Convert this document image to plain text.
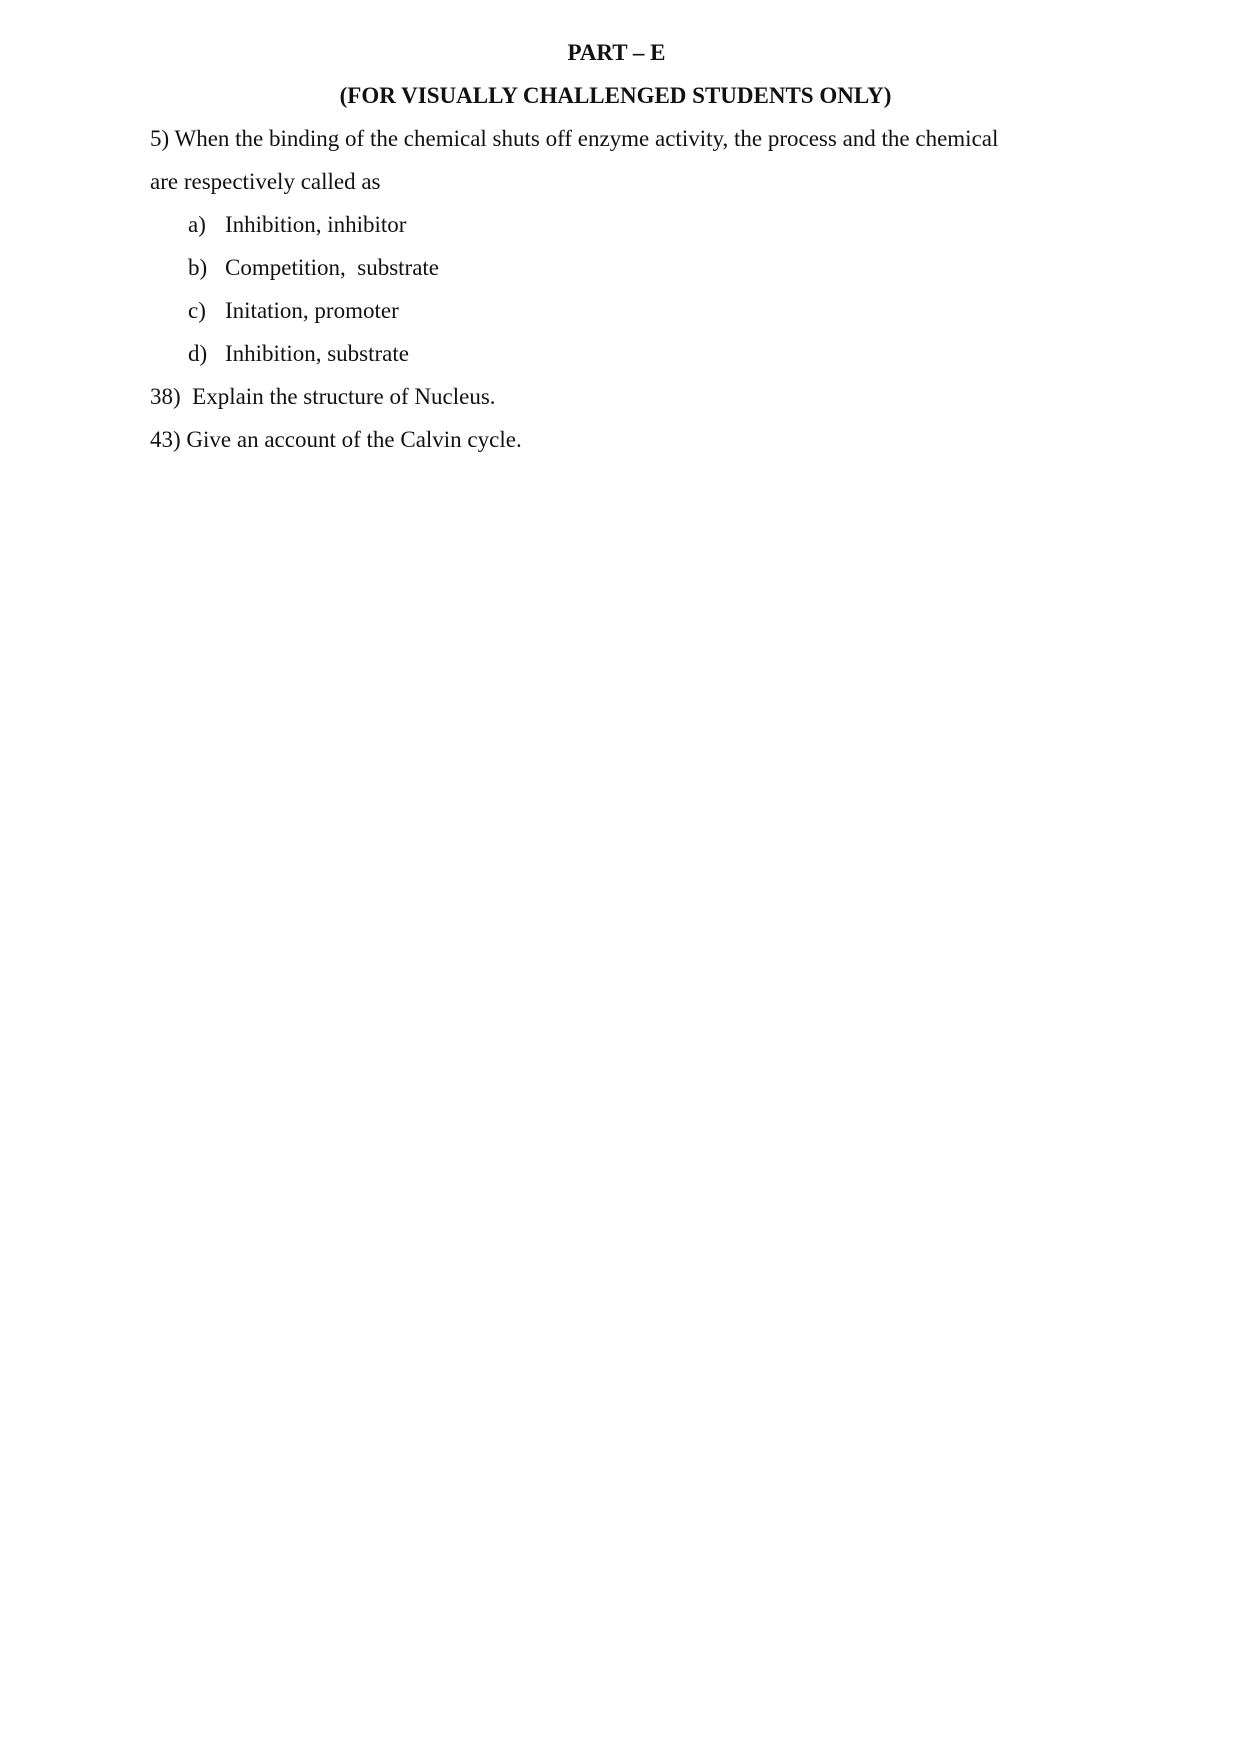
PART – E
(FOR VISUALLY CHALLENGED STUDENTS ONLY)

5) When the binding of the chemical shuts off enzyme activity, the process and the chemical

are respectively called as

a) Inhibition, inhibitor

b) Competition,  substrate

c) Initation, promoter

d) Inhibition, substrate

38)  Explain the structure of Nucleus.

43) Give an account of the Calvin cycle.
